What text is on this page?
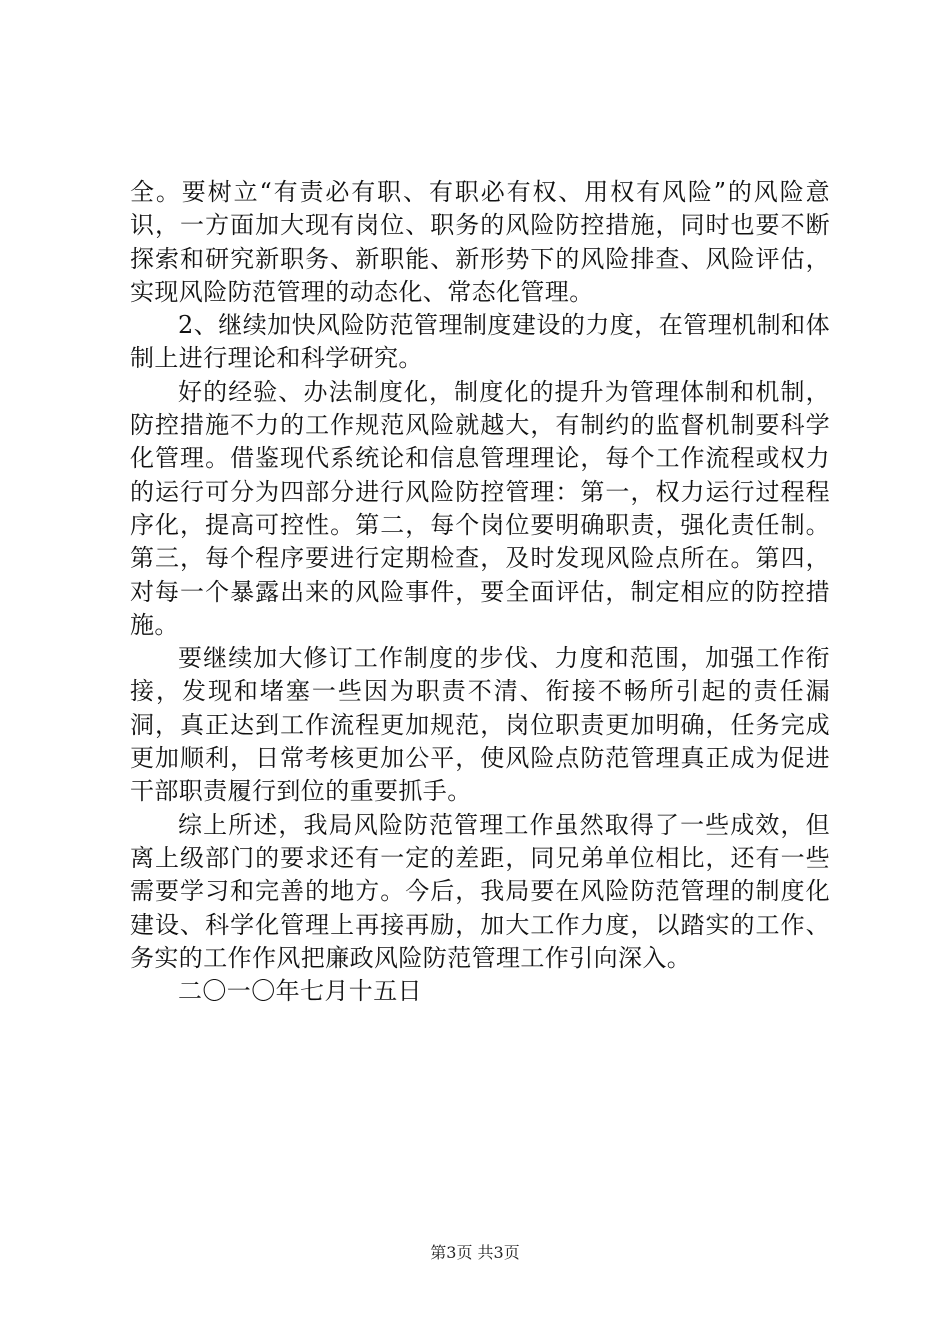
全。要树立“有责必有职、有职必有权、用权有风险”的风险意识，一方面加大现有岗位、职务的风险防控措施，同时也要不断探索和研究新职务、新职能、新形势下的风险排查、风险评估，实现风险防范管理的动态化、常态化管理。

2、继续加快风险防范管理制度建设的力度，在管理机制和体制上进行理论和科学研究。

好的经验、办法制度化，制度化的提升为管理体制和机制，防控措施不力的工作规范风险就越大，有制约的监督机制要科学化管理。借鉴现代系统论和信息管理理论，每个工作流程或权力的运行可分为四部分进行风险防控管理：第一，权力运行过程程序化，提高可控性。第二，每个岗位要明确职责，强化责任制。第三，每个程序要进行定期检查，及时发现风险点所在。第四，对每一个暴露出来的风险事件，要全面评估，制定相应的防控措施。

要继续加大修订工作制度的步伐、力度和范围，加强工作衔接，发现和堵塞一些因为职责不清、衔接不畅所引起的责任漏洞，真正达到工作流程更加规范，岗位职责更加明确，任务完成更加顺利，日常考核更加公平，使风险点防范管理真正成为促进干部职责履行到位的重要抓手。

综上所述，我局风险防范管理工作虽然取得了一些成效，但离上级部门的要求还有一定的差距，同兄弟单位相比，还有一些需要学习和完善的地方。今后，我局要在风险防范管理的制度化建设、科学化管理上再接再励，加大工作力度，以踏实的工作、务实的工作作风把廉政风险防范管理工作引向深入。

二〇一〇年七月十五日

第3页 共3页
